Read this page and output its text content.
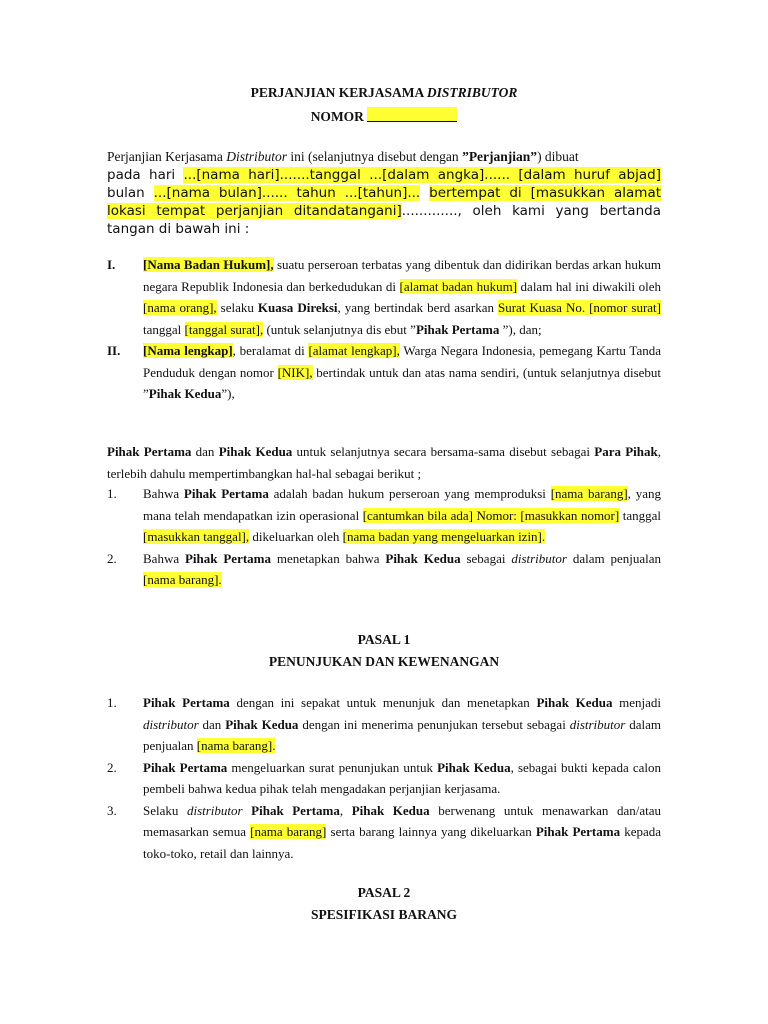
PERJANJIAN KERJASAMA DISTRIBUTOR
NOMOR
Perjanjian Kerjasama Distributor ini (selanjutnya disebut dengan ”Perjanjian”) dibuat
pada hari ...[nama hari].......tanggal ...[dalam angka]...... [dalam huruf abjad] bulan ...[nama bulan]...... tahun ...[tahun]... bertempat di [masukkan alamat lokasi tempat perjanjian ditandatangani]............., oleh kami yang bertanda tangan di bawah ini :

I. [Nama Badan Hukum], suatu perseroan terbatas yang dibentuk dan didirikan berdas arkan hukum negara Republik Indonesia dan berkedudukan di [alamat badan hukum] dalam hal ini diwakili oleh [nama orang], selaku Kuasa Direksi, yang bertindak berd asarkan Surat Kuasa No. [nomor surat] tanggal [tanggal surat], (untuk selanjutnya dis ebut ”Pihak Pertama ”), dan;

II. [Nama lengkap], beralamat di [alamat lengkap], Warga Negara Indonesia, pemegang Kartu Tanda Penduduk dengan nomor [NIK], bertindak untuk dan atas nama sendiri, (untuk selanjutnya disebut ”Pihak Kedua”),

Pihak Pertama dan Pihak Kedua untuk selanjutnya secara bersama-sama disebut sebagai Para Pihak, terlebih dahulu mempertimbangkan hal-hal sebagai berikut ;

1. Bahwa Pihak Pertama adalah badan hukum perseroan yang memproduksi [nama barang], yang mana telah mendapatkan izin operasional [cantumkan bila ada] Nomor: [masukkan nomor] tanggal [masukkan tanggal], dikeluarkan oleh [nama badan yang mengeluarkan izin].

2. Bahwa Pihak Pertama menetapkan bahwa Pihak Kedua sebagai distributor dalam penjualan [nama barang].

PASAL 1
PENUNJUKAN DAN KEWENANGAN

1. Pihak Pertama dengan ini sepakat untuk menunjuk dan menetapkan Pihak Kedua menjadi distributor dan Pihak Kedua dengan ini menerima penunjukan tersebut sebagai distributor dalam penjualan [nama barang].

2. Pihak Pertama mengeluarkan surat penunjukan untuk Pihak Kedua, sebagai bukti kepada calon pembeli bahwa kedua pihak telah mengadakan perjanjian kerjasama.

3. Selaku distributor Pihak Pertama, Pihak Kedua berwenang untuk menawarkan dan/atau memasarkan semua [nama barang] serta barang lainnya yang dikeluarkan Pihak Pertama kepada toko-toko, retail dan lainnya.

PASAL 2
SPESIFIKASI BARANG
